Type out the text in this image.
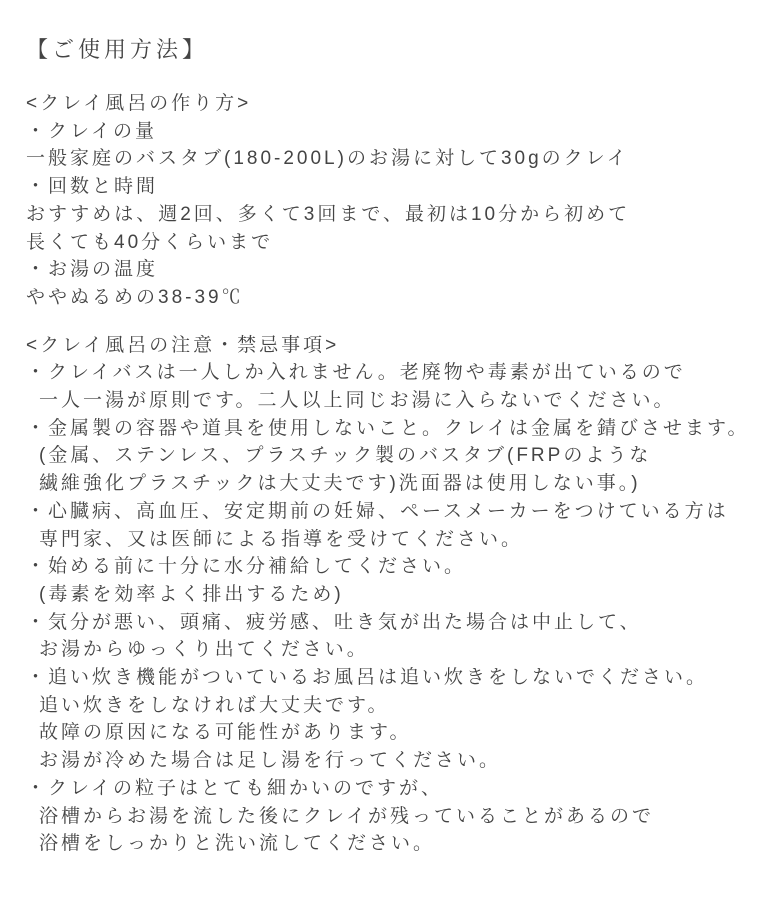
【ご使用方法】
<クレイ風呂の作り方>
・クレイの量
一般家庭のバスタブ(180-200L)のお湯に対して30gのクレイ
・回数と時間
おすすめは、週2回、多くて3回まで、最初は10分から初めて
長くても40分くらいまで
・お湯の温度
ややぬるめの38-39℃
<クレイ風呂の注意・禁忌事項>
・クレイバスは一人しか入れません。老廃物や毒素が出ているので
一人一湯が原則です。二人以上同じお湯に入らないでください。
・金属製の容器や道具を使用しないこと。クレイは金属を錆びさせます。
(金属、ステンレス、プラスチック製のバスタブ(FRPのような
繊維強化プラスチックは大丈夫です)洗面器は使用しない事。)
・心臓病、高血圧、安定期前の妊婦、ペースメーカーをつけている方は
専門家、又は医師による指導を受けてください。
・始める前に十分に水分補給してください。
(毒素を効率よく排出するため)
・気分が悪い、頭痛、疲労感、吐き気が出た場合は中止して、
お湯からゆっくり出てください。
・追い炊き機能がついているお風呂は追い炊きをしないでください。
追い炊きをしなければ大丈夫です。
故障の原因になる可能性があります。
お湯が冷めた場合は足し湯を行ってください。
・クレイの粒子はとても細かいのですが、
浴槽からお湯を流した後にクレイが残っていることがあるので
浴槽をしっかりと洗い流してください。
